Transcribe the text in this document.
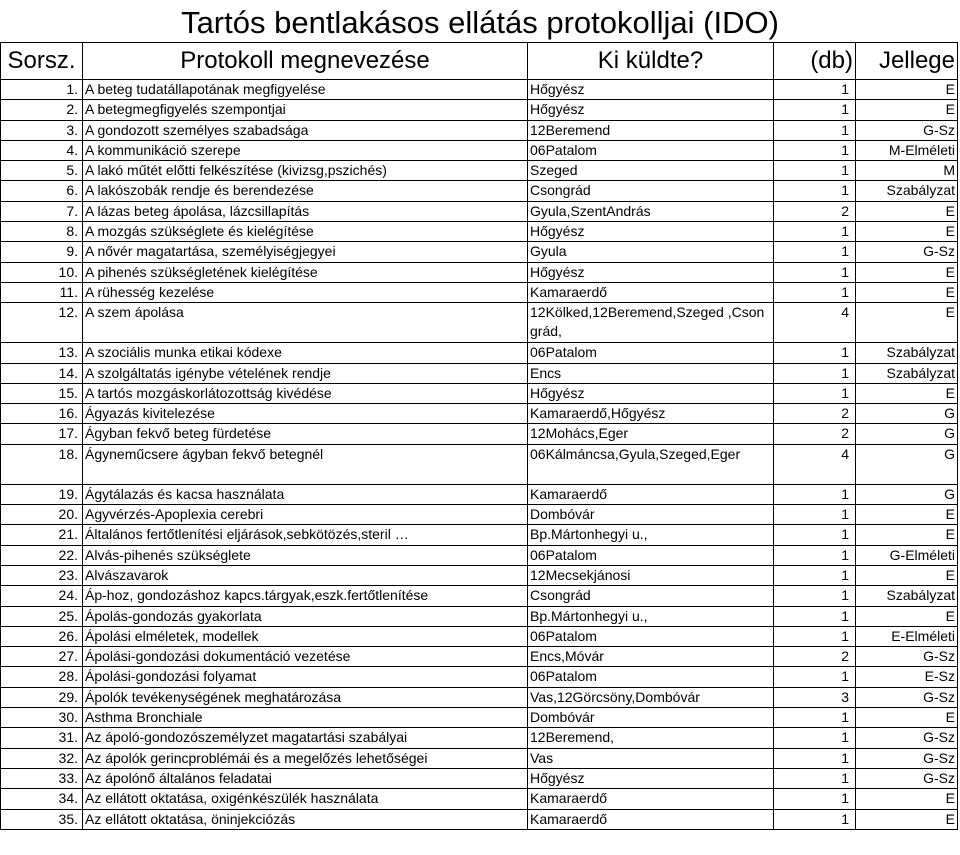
Tartós bentlakásos ellátás protokolljai (IDO)
Sorsz.	Protokoll megnevezése	Ki küldte?	(db)	Jellege
1.	A beteg tudatállapotának megfigyelése	Hőgyész	1	E
2.	A betegmegfigyelés szempontjai	Hőgyész	1	E
3.	A gondozott személyes szabadsága	12Beremend	1	G-Sz
4.	A kommunikáció szerepe	06Patalom	1	M-Elméleti
5.	A lakó műtét előtti felkészítése (kivizsg,pszichés)	Szeged	1	M
6.	A lakószobák rendje és berendezése	Csongrád	1	Szabályzat
7.	A lázas beteg ápolása, lázcsillapítás	Gyula,SzentAndrás	2	E
8.	A mozgás szükséglete és kielégítése	Hőgyész	1	E
9.	A nővér magatartása, személyiségjegyei	Gyula	1	G-Sz
10.	A pihenés szükségletének kielégítése	Hőgyész	1	E
11.	A rühesség kezelése	Kamaraerdő	1	E
12.	A szem ápolása	12Kölked,12Beremend,Szeged ,Csongrád,	4	E
13.	A szociális munka etikai kódexe	06Patalom	1	Szabályzat
14.	A szolgáltatás igénybe vételének rendje	Encs	1	Szabályzat
15.	A tartós mozgáskorlátozottság kivédése	Hőgyész	1	E
16.	Ágyazás kivitelezése	Kamaraerdő,Hőgyész	2	G
17.	Ágyban fekvő beteg fürdetése	12Mohács,Eger	2	G
18.	Ágyneműcsere ágyban fekvő betegnél	06Kálmáncsa,Gyula,Szeged,Eger	4	G
19.	Ágytálazás és kacsa használata	Kamaraerdő	1	G
20.	Agyvérzés-Apoplexia cerebri	Dombóvár	1	E
21.	Általános fertőtlenítési eljárások,sebkötözés,steril …	Bp.Mártonhegyi u.,	1	E
22.	Alvás-pihenés szükséglete	06Patalom	1	G-Elméleti
23.	Alvászavarok	12Mecsekjánosi	1	E
24.	Áp-hoz, gondozáshoz kapcs.tárgyak,eszk.fertőtlenítése	Csongrád	1	Szabályzat
25.	Ápolás-gondozás gyakorlata	Bp.Mártonhegyi u.,	1	E
26.	Ápolási elméletek, modellek	06Patalom	1	E-Elméleti
27.	Ápolási-gondozási dokumentáció vezetése	Encs,Móvár	2	G-Sz
28.	Ápolási-gondozási folyamat	06Patalom	1	E-Sz
29.	Ápolók tevékenységének meghatározása	Vas,12Görcsöny,Dombóvár	3	G-Sz
30.	Asthma Bronchiale	Dombóvár	1	E
31.	Az ápoló-gondozószemélyzet magatartási szabályai	12Beremend,	1	G-Sz
32.	Az ápolók gerincproblémái és a megelőzés lehetőségei	Vas	1	G-Sz
33.	Az ápolónő általános feladatai	Hőgyész	1	G-Sz
34.	Az ellátott oktatása, oxigénkészülék használata	Kamaraerdő	1	E
35.	Az ellátott oktatása, öninjekciózás	Kamaraerdő	1	E
